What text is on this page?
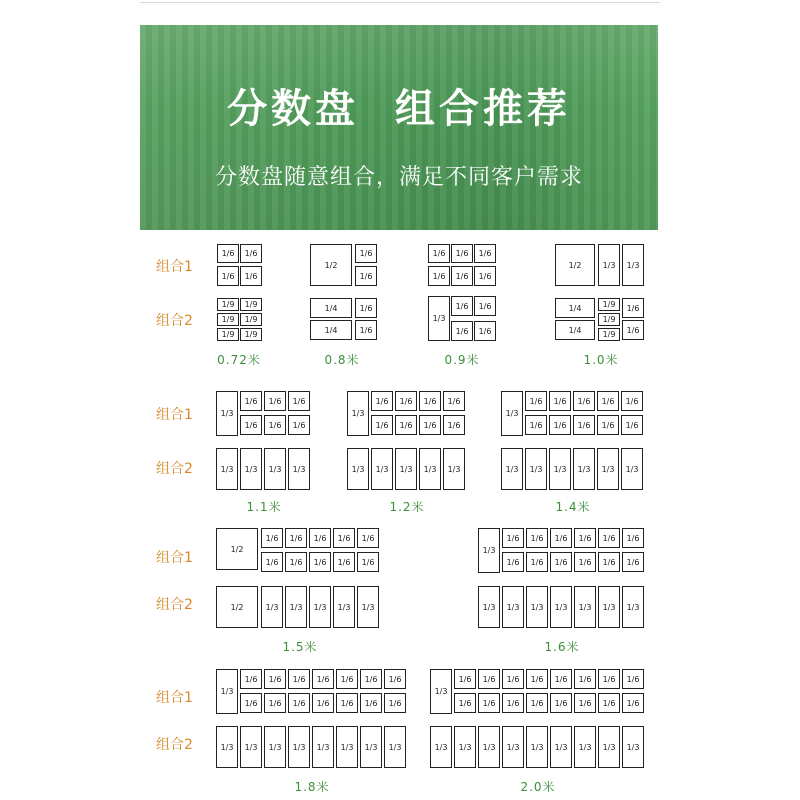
分数盘  组合推荐
分数盘随意组合，满足不同客户需求
组合1
组合2
1/6	1/6
1/6	1/6
1/9	1/9
1/9	1/9
1/9	1/9
0.72米
1/2
1/6
1/6
1/4
1/4
1/6
1/6
0.8米
1/6
1/6
1/6
1/6
1/6
1/6
1/3
1/6
1/6
1/6
1/6
0.9米
1/2	1/3	1/3
1/4
1/4
1/9
1/9
1/9
1/6
1/6
1.0米
组合1
组合2
1/3
1/6	1/6	1/6
1/6	1/6	1/6
1/3	1/3	1/3	1/3
1.1米
1/3
1/6	1/6	1/6	1/6
1/6	1/6	1/6	1/6
1/3	1/3	1/3	1/3	1/3
1.2米
1/3
1/6	1/6	1/6	1/6	1/6
1/6	1/6	1/6	1/6	1/6
1/3	1/3	1/3	1/3	1/3	1/3
1.4米
组合1
组合2
1/2
1/6	1/6	1/6	1/6	1/6
1/6	1/6	1/6	1/6	1/6
1/2	1/3	1/3	1/3	1/3	1/3
1.5米
1/3
1/6	1/6	1/6	1/6	1/6	1/6
1/6	1/6	1/6	1/6	1/6	1/6
1/3	1/3	1/3	1/3	1/3	1/3	1/3
1.6米
组合1
组合2
1/3
1/6	1/6	1/6	1/6	1/6	1/6	1/6
1/6	1/6	1/6	1/6	1/6	1/6	1/6
1/3	1/3	1/3	1/3	1/3	1/3	1/3	1/3
1.8米
1/3
1/6	1/6	1/6	1/6	1/6	1/6	1/6	1/6
1/6	1/6	1/6	1/6	1/6	1/6	1/6	1/6
1/3	1/3	1/3	1/3	1/3	1/3	1/3	1/3	1/3
2.0米
